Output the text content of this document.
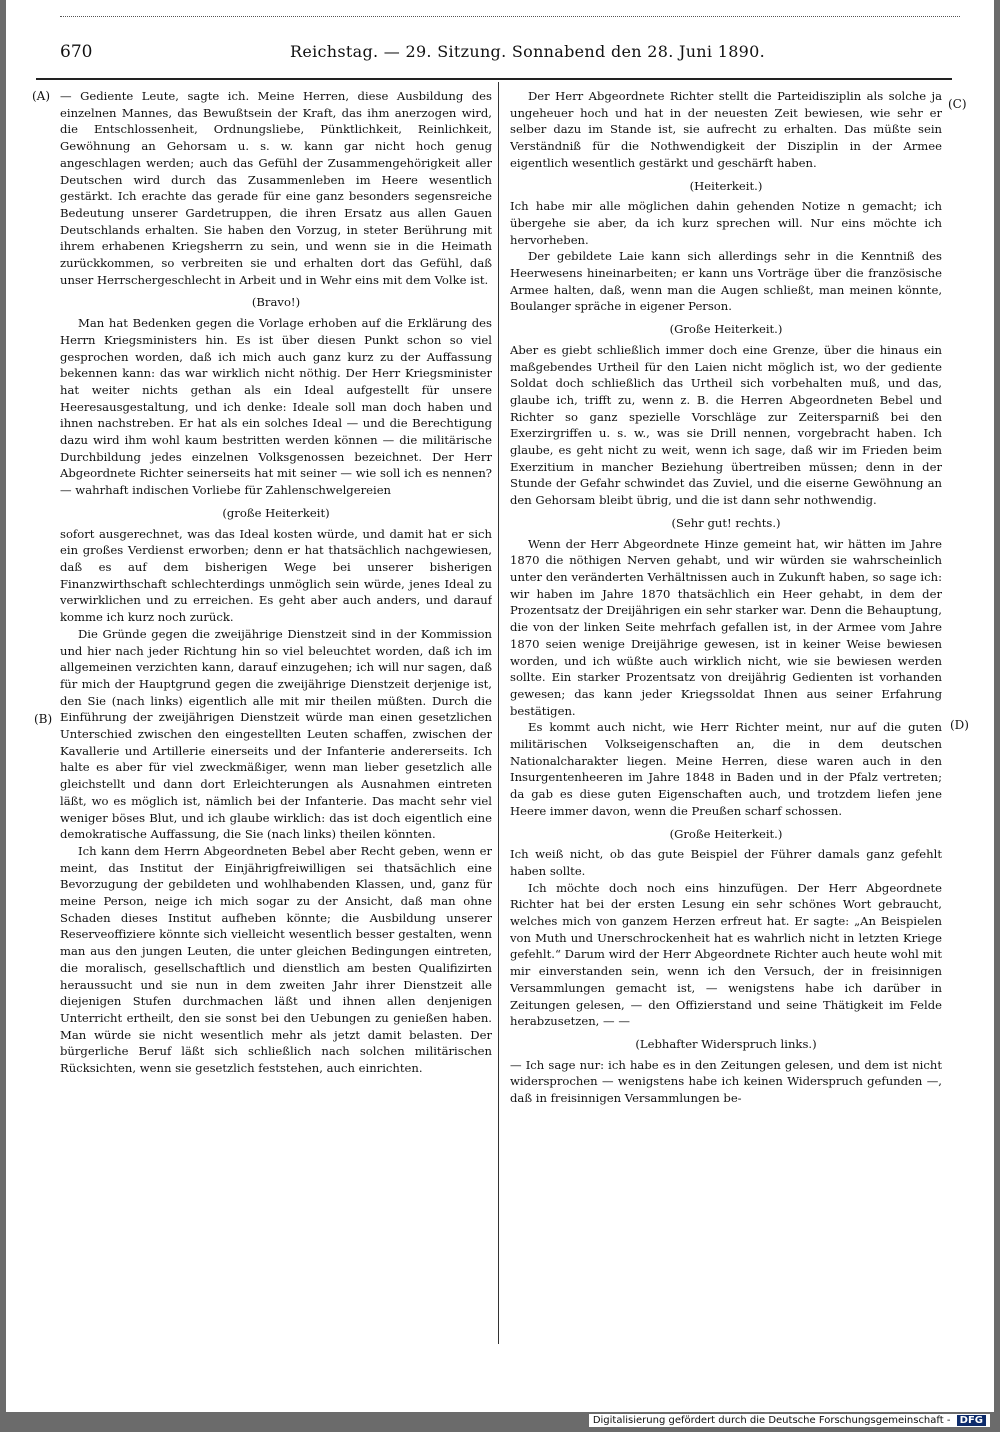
670	Reichstag. — 29. Sitzung. Sonnabend den 28. Juni 1890.
(A)
(B)
(C)
(D)

— Gediente Leute, sagte ich. Meine Herren, diese Ausbildung des einzelnen Mannes, das Bewußtsein der Kraft, das ihm anerzogen wird, die Entschlossenheit, Ordnungsliebe, Pünktlichkeit, Reinlichkeit, Gewöhnung an Gehorsam u. s. w. kann gar nicht hoch genug angeschlagen werden; auch das Gefühl der Zusammengehörigkeit aller Deutschen wird durch das Zusammenleben im Heere wesentlich gestärkt. Ich erachte das gerade für eine ganz besonders segensreiche Bedeutung unserer Gardetruppen, die ihren Ersatz aus allen Gauen Deutschlands erhalten. Sie haben den Vorzug, in steter Berührung mit ihrem erhabenen Kriegsherrn zu sein, und wenn sie in die Heimath zurückkommen, so verbreiten sie und erhalten dort das Gefühl, daß unser Herrschergeschlecht in Arbeit und in Wehr eins mit dem Volke ist.

(Bravo!)

Man hat Bedenken gegen die Vorlage erhoben auf die Erklärung des Herrn Kriegsministers hin. Es ist über diesen Punkt schon so viel gesprochen worden, daß ich mich auch ganz kurz zu der Auffassung bekennen kann: das war wirklich nicht nöthig. Der Herr Kriegsminister hat weiter nichts gethan als ein Ideal aufgestellt für unsere Heeresausgestaltung, und ich denke: Ideale soll man doch haben und ihnen nachstreben. Er hat als ein solches Ideal — und die Berechtigung dazu wird ihm wohl kaum bestritten werden können — die militärische Durchbildung jedes einzelnen Volksgenossen bezeichnet. Der Herr Abgeordnete Richter seinerseits hat mit seiner — wie soll ich es nennen? — wahrhaft indischen Vorliebe für Zahlenschwelgereien

(große Heiterkeit)

sofort ausgerechnet, was das Ideal kosten würde, und damit hat er sich ein großes Verdienst erworben; denn er hat thatsächlich nachgewiesen, daß es auf dem bisherigen Wege bei unserer bisherigen Finanzwirthschaft schlechterdings unmöglich sein würde, jenes Ideal zu verwirklichen und zu erreichen. Es geht aber auch anders, und darauf komme ich kurz noch zurück.

Die Gründe gegen die zweijährige Dienstzeit sind in der Kommission und hier nach jeder Richtung hin so viel beleuchtet worden, daß ich im allgemeinen verzichten kann, darauf einzugehen; ich will nur sagen, daß für mich der Hauptgrund gegen die zweijährige Dienstzeit derjenige ist, den Sie (nach links) eigentlich alle mit mir theilen müßten. Durch die Einführung der zweijährigen Dienstzeit würde man einen gesetzlichen Unterschied zwischen den eingestellten Leuten schaffen, zwischen der Kavallerie und Artillerie einerseits und der Infanterie andererseits. Ich halte es aber für viel zweckmäßiger, wenn man lieber gesetzlich alle gleichstellt und dann dort Erleichterungen als Ausnahmen eintreten läßt, wo es möglich ist, nämlich bei der Infanterie. Das macht sehr viel weniger böses Blut, und ich glaube wirklich: das ist doch eigentlich eine demokratische Auffassung, die Sie (nach links) theilen könnten.

Ich kann dem Herrn Abgeordneten Bebel aber Recht geben, wenn er meint, das Institut der Einjährigfreiwilligen sei thatsächlich eine Bevorzugung der gebildeten und wohlhabenden Klassen, und, ganz für meine Person, neige ich mich sogar zu der Ansicht, daß man ohne Schaden dieses Institut aufheben könnte; die Ausbildung unserer Reserveoffiziere könnte sich vielleicht wesentlich besser gestalten, wenn man aus den jungen Leuten, die unter gleichen Bedingungen eintreten, die moralisch, gesellschaftlich und dienstlich am besten Qualifizirten heraussucht und sie nun in dem zweiten Jahr ihrer Dienstzeit alle diejenigen Stufen durchmachen läßt und ihnen allen denjenigen Unterricht ertheilt, den sie sonst bei den Uebungen zu genießen haben. Man würde sie nicht wesentlich mehr als jetzt damit belasten. Der bürgerliche Beruf läßt sich schließlich nach solchen militärischen Rücksichten, wenn sie gesetzlich feststehen, auch einrichten.

Der Herr Abgeordnete Richter stellt die Parteidisziplin als solche ja ungeheuer hoch und hat in der neuesten Zeit bewiesen, wie sehr er selber dazu im Stande ist, sie aufrecht zu erhalten. Das müßte sein Verständniß für die Nothwendigkeit der Disziplin in der Armee eigentlich wesentlich gestärkt und geschärft haben.

(Heiterkeit.)

Ich habe mir alle möglichen dahin gehenden Notize n gemacht; ich übergehe sie aber, da ich kurz sprechen will. Nur eins möchte ich hervorheben.

Der gebildete Laie kann sich allerdings sehr in die Kenntniß des Heerwesens hineinarbeiten; er kann uns Vorträge über die französische Armee halten, daß, wenn man die Augen schließt, man meinen könnte, Boulanger spräche in eigener Person.

(Große Heiterkeit.)

Aber es giebt schließlich immer doch eine Grenze, über die hinaus ein maßgebendes Urtheil für den Laien nicht möglich ist, wo der gediente Soldat doch schließlich das Urtheil sich vorbehalten muß, und das, glaube ich, trifft zu, wenn z. B. die Herren Abgeordneten Bebel und Richter so ganz spezielle Vorschläge zur Zeitersparniß bei den Exerzirgriffen u. s. w., was sie Drill nennen, vorgebracht haben. Ich glaube, es geht nicht zu weit, wenn ich sage, daß wir im Frieden beim Exerzitium in mancher Beziehung übertreiben müssen; denn in der Stunde der Gefahr schwindet das Zuviel, und die eiserne Gewöhnung an den Gehorsam bleibt übrig, und die ist dann sehr nothwendig.

(Sehr gut! rechts.)

Wenn der Herr Abgeordnete Hinze gemeint hat, wir hätten im Jahre 1870 die nöthigen Nerven gehabt, und wir würden sie wahrscheinlich unter den veränderten Verhältnissen auch in Zukunft haben, so sage ich: wir haben im Jahre 1870 thatsächlich ein Heer gehabt, in dem der Prozentsatz der Dreijährigen ein sehr starker war. Denn die Behauptung, die von der linken Seite mehrfach gefallen ist, in der Armee vom Jahre 1870 seien wenige Dreijährige gewesen, ist in keiner Weise bewiesen worden, und ich wüßte auch wirklich nicht, wie sie bewiesen werden sollte. Ein starker Prozentsatz von dreijährig Gedienten ist vorhanden gewesen; das kann jeder Kriegssoldat Ihnen aus seiner Erfahrung bestätigen.

Es kommt auch nicht, wie Herr Richter meint, nur auf die guten militärischen Volkseigenschaften an, die in dem deutschen Nationalcharakter liegen. Meine Herren, diese waren auch in den Insurgentenheeren im Jahre 1848 in Baden und in der Pfalz vertreten; da gab es diese guten Eigenschaften auch, und trotzdem liefen jene Heere immer davon, wenn die Preußen scharf schossen.

(Große Heiterkeit.)

Ich weiß nicht, ob das gute Beispiel der Führer damals ganz gefehlt haben sollte.

Ich möchte doch noch eins hinzufügen. Der Herr Abgeordnete Richter hat bei der ersten Lesung ein sehr schönes Wort gebraucht, welches mich von ganzem Herzen erfreut hat. Er sagte: „An Beispielen von Muth und Unerschrockenheit hat es wahrlich nicht in letzten Kriege gefehlt.“ Darum wird der Herr Abgeordnete Richter auch heute wohl mit mir einverstanden sein, wenn ich den Versuch, der in freisinnigen Versammlungen gemacht ist, — wenigstens habe ich darüber in Zeitungen gelesen, — den Offizierstand und seine Thätigkeit im Felde herabzusetzen, — —

(Lebhafter Widerspruch links.)

— Ich sage nur: ich habe es in den Zeitungen gelesen, und dem ist nicht widersprochen — wenigstens habe ich keinen Widerspruch gefunden —, daß in freisinnigen Versammlungen be-

Digitalisierung gefördert durch die Deutsche Forschungsgemeinschaft - DFG
